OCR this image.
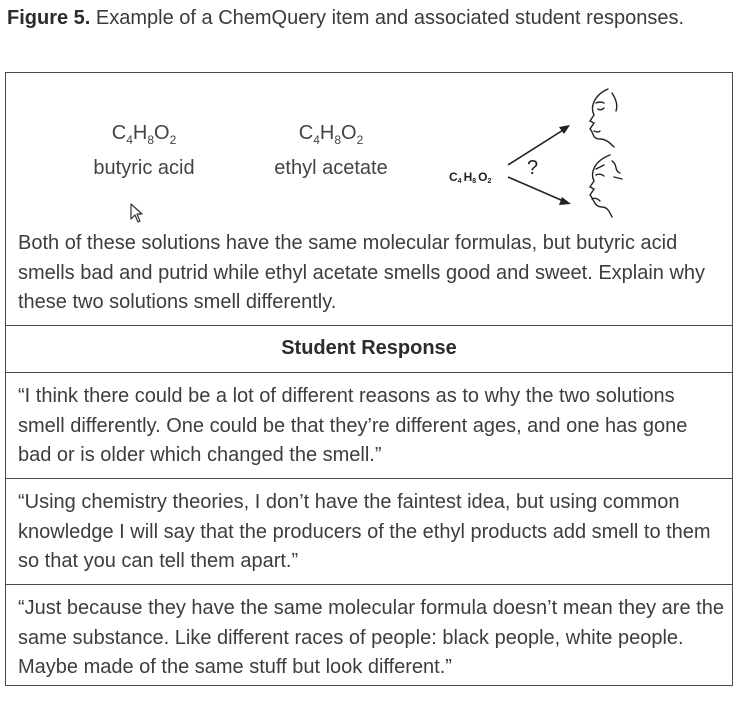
Figure 5. Example of a ChemQuery item and associated student responses.
$C_4H_8O_2$
butyric acid
$C_4H_8O_2$
ethyl acetate	C4 H8 O2
?
Both of these solutions have the same molecular formulas, but butyric acid smells bad and putrid while ethyl acetate smells good and sweet. Explain why these two solutions smell differently.
Student Response
“I think there could be a lot of different reasons as to why the two solutions smell differently. One could be that they’re different ages, and one has gone bad or is older which changed the smell.”
“Using chemistry theories, I don’t have the faintest idea, but using common knowledge I will say that the producers of the ethyl products add smell to them so that you can tell them apart.”
“Just because they have the same molecular formula doesn’t mean they are the same substance. Like different races of people: black people, white people. Maybe made of the same stuff but look different.”
